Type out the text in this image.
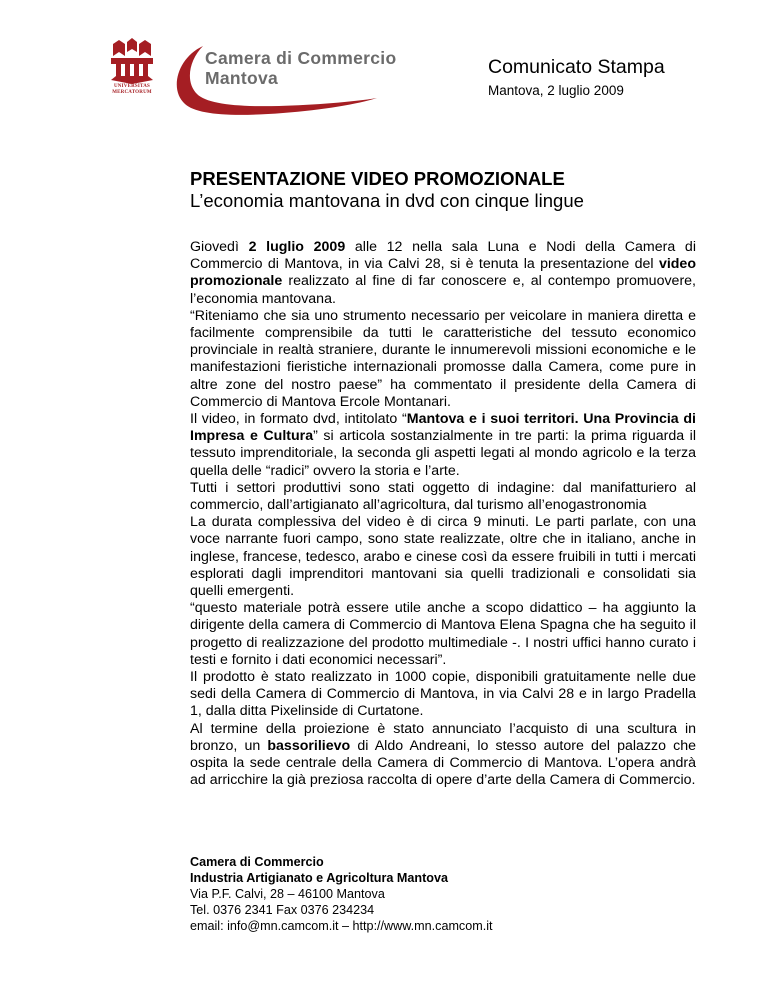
UNIVERSITAS
MERCATORUM
Camera di Commercio
Mantova	Comunicato Stampa
Mantova, 2 luglio 2009
PRESENTAZIONE VIDEO PROMOZIONALE
L’economia mantovana in dvd con cinque lingue

Giovedì 2 luglio 2009 alle 12 nella sala Luna e Nodi della Camera di Commercio di Mantova, in via Calvi 28, si è tenuta la presentazione del video promozionale realizzato al fine di far conoscere e, al contempo promuovere, l’economia mantovana.

“Riteniamo che sia uno strumento necessario per veicolare in maniera diretta e facilmente comprensibile da tutti le caratteristiche del tessuto economico provinciale in realtà straniere, durante le innumerevoli missioni economiche e le manifestazioni fieristiche internazionali promosse dalla Camera, come pure in altre zone del nostro paese” ha commentato il presidente della Camera di Commercio di Mantova Ercole Montanari.

Il video, in formato dvd, intitolato “Mantova e i suoi territori. Una Provincia di Impresa e Cultura” si articola sostanzialmente in tre parti: la prima riguarda il tessuto imprenditoriale, la seconda gli aspetti legati al mondo agricolo e la terza quella delle “radici” ovvero la storia e l’arte.

Tutti i settori produttivi sono stati oggetto di indagine: dal manifatturiero al commercio, dall’artigianato all’agricoltura, dal turismo all’enogastronomia

La durata complessiva del video è di circa 9 minuti. Le parti parlate, con una voce narrante fuori campo, sono state realizzate, oltre che in italiano, anche in inglese, francese, tedesco, arabo e cinese così da essere fruibili in tutti i mercati esplorati dagli imprenditori mantovani sia quelli tradizionali e consolidati sia quelli emergenti.

“questo materiale potrà essere utile anche a scopo didattico – ha aggiunto la dirigente della camera di Commercio di Mantova Elena Spagna che ha seguito il progetto di realizzazione del prodotto multimediale -. I nostri uffici hanno curato i testi e fornito i dati economici necessari”.

Il prodotto è stato realizzato in 1000 copie, disponibili gratuitamente nelle due sedi della Camera di Commercio di Mantova, in via Calvi 28 e in largo Pradella 1, dalla ditta Pixelinside di Curtatone.

Al termine della proiezione è stato annunciato l’acquisto di una scultura in bronzo, un bassorilievo di Aldo Andreani, lo stesso autore del palazzo che ospita la sede centrale della Camera di Commercio di Mantova. L’opera andrà ad arricchire la già preziosa raccolta di opere d’arte della Camera di Commercio.

Camera di Commercio
Industria Artigianato e Agricoltura Mantova
Via P.F. Calvi, 28 – 46100 Mantova
Tel. 0376 2341 Fax 0376 234234
email: info@mn.camcom.it – http://www.mn.camcom.it
